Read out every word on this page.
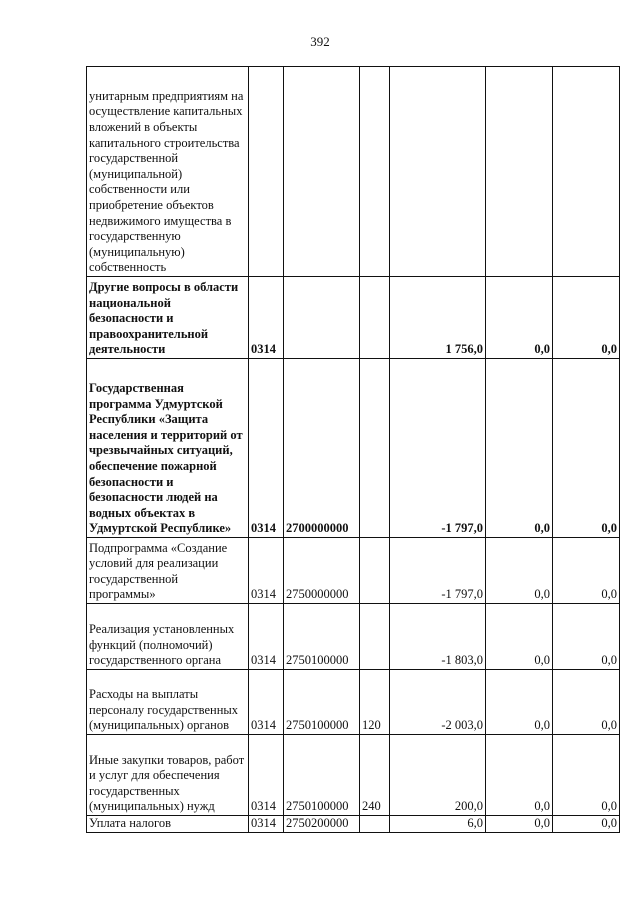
392
унитарным предприятиям на осуществление капитальных вложений в объекты капитального строительства государственной (муниципальной) собственности или приобретение объектов недвижимого имущества в государственную (муниципальную) собственность						
Другие вопросы в области национальной безопасности и правоохранительной деятельности	0314			1 756,0	0,0	0,0
Государственная программа Удмуртской Республики «Защита населения и территорий от чрезвычайных ситуаций, обеспечение пожарной безопасности и безопасности людей на водных объектах в Удмуртской Республике»	0314	2700000000		-1 797,0	0,0	0,0
Подпрограмма «Создание условий для реализации государственной программы»	0314	2750000000		-1 797,0	0,0	0,0
Реализация установленных функций (полномочий) государственного органа	0314	2750100000		-1 803,0	0,0	0,0
Расходы на выплаты персоналу государственных (муниципальных) органов	0314	2750100000	120	-2 003,0	0,0	0,0
Иные закупки товаров, работ и услуг для обеспечения государственных (муниципальных) нужд	0314	2750100000	240	200,0	0,0	0,0
Уплата налогов	0314	2750200000		6,0	0,0	0,0
